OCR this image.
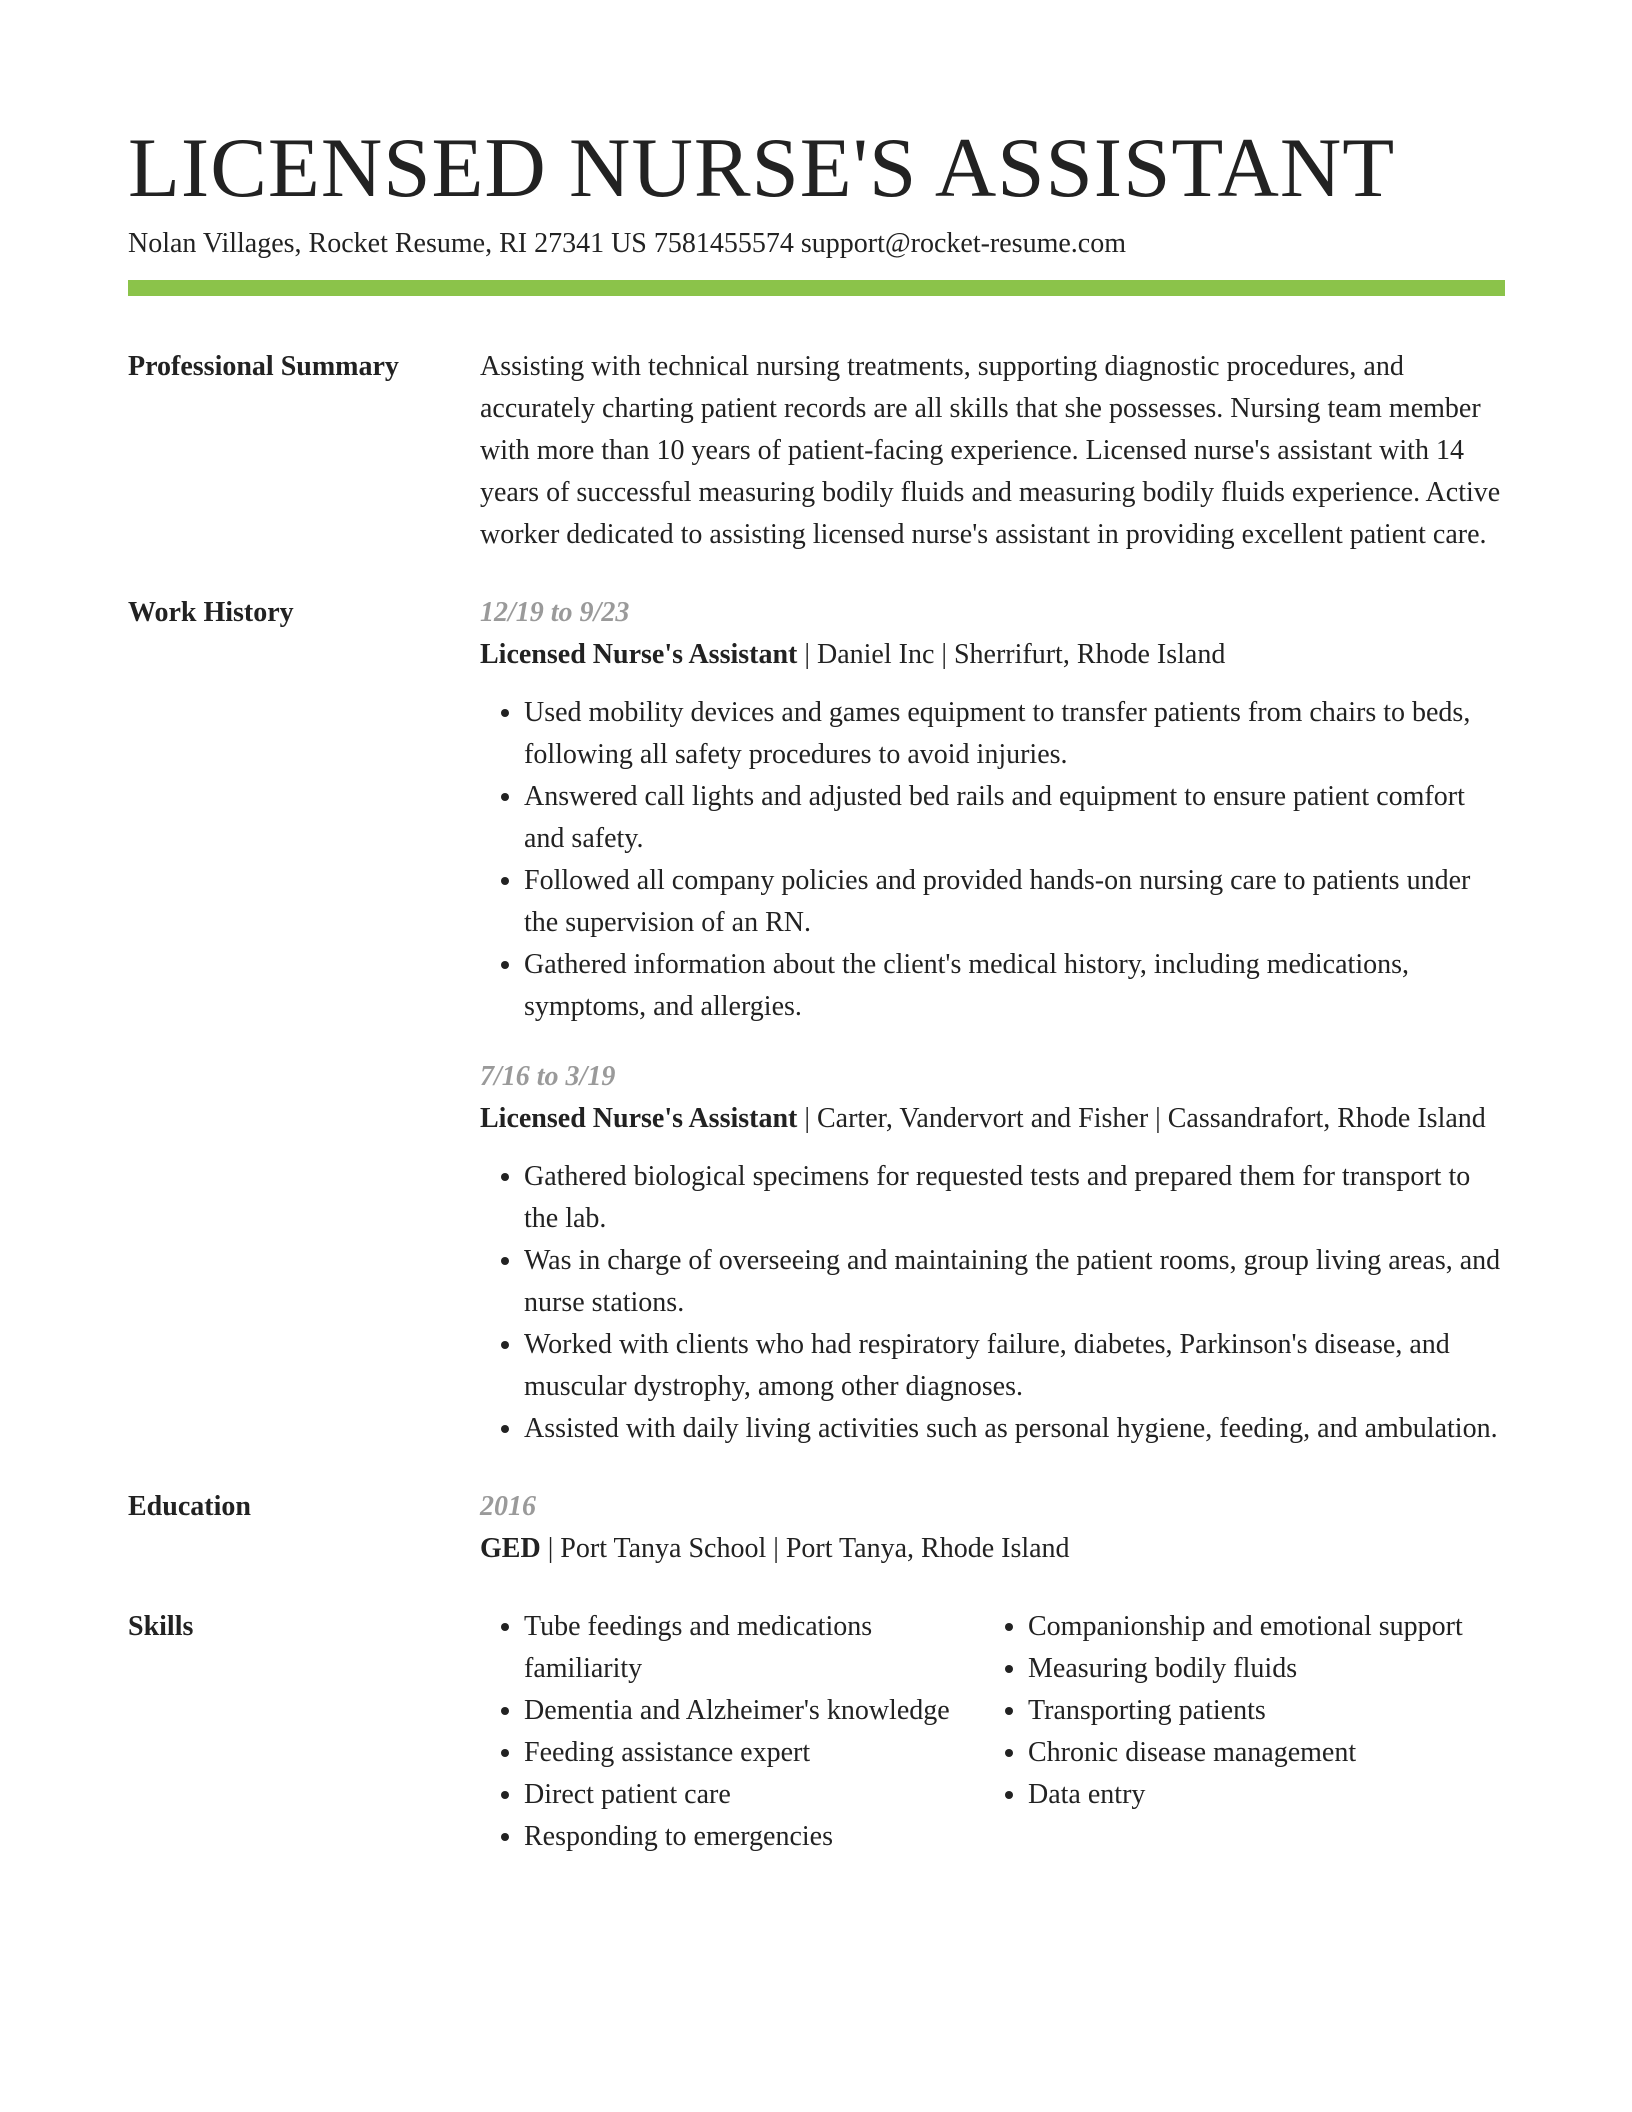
LICENSED NURSE'S ASSISTANT
Nolan Villages, Rocket Resume, RI 27341 US 7581455574 support@rocket-resume.com
Professional Summary	Assisting with technical nursing treatments, supporting diagnostic procedures, and accurately charting patient records are all skills that she possesses. Nursing team member with more than 10 years of patient-facing experience. Licensed nurse's assistant with 14 years of successful measuring bodily fluids and measuring bodily fluids experience. Active worker dedicated to assisting licensed nurse's assistant in providing excellent patient care.

Work History	12/19 to 9/23
Licensed Nurse's Assistant | Daniel Inc | Sherrifurt, Rhode Island
• Used mobility devices and games equipment to transfer patients from chairs to beds, following all safety procedures to avoid injuries.
• Answered call lights and adjusted bed rails and equipment to ensure patient comfort and safety.
• Followed all company policies and provided hands-on nursing care to patients under the supervision of an RN.
• Gathered information about the client's medical history, including medications, symptoms, and allergies.
7/16 to 3/19
Licensed Nurse's Assistant | Carter, Vandervort and Fisher | Cassandrafort, Rhode Island
• Gathered biological specimens for requested tests and prepared them for transport to the lab.
• Was in charge of overseeing and maintaining the patient rooms, group living areas, and nurse stations.
• Worked with clients who had respiratory failure, diabetes, Parkinson's disease, and muscular dystrophy, among other diagnoses.
• Assisted with daily living activities such as personal hygiene, feeding, and ambulation.
Education	2016
GED | Port Tanya School | Port Tanya, Rhode Island
Skills
•	Tube feedings and medications familiarity
• Dementia and Alzheimer's knowledge
• Feeding assistance expert
• Direct patient care
• Responding to emergencies
• Companionship and emotional support
• Measuring bodily fluids
• Transporting patients
• Chronic disease management
• Data entry
